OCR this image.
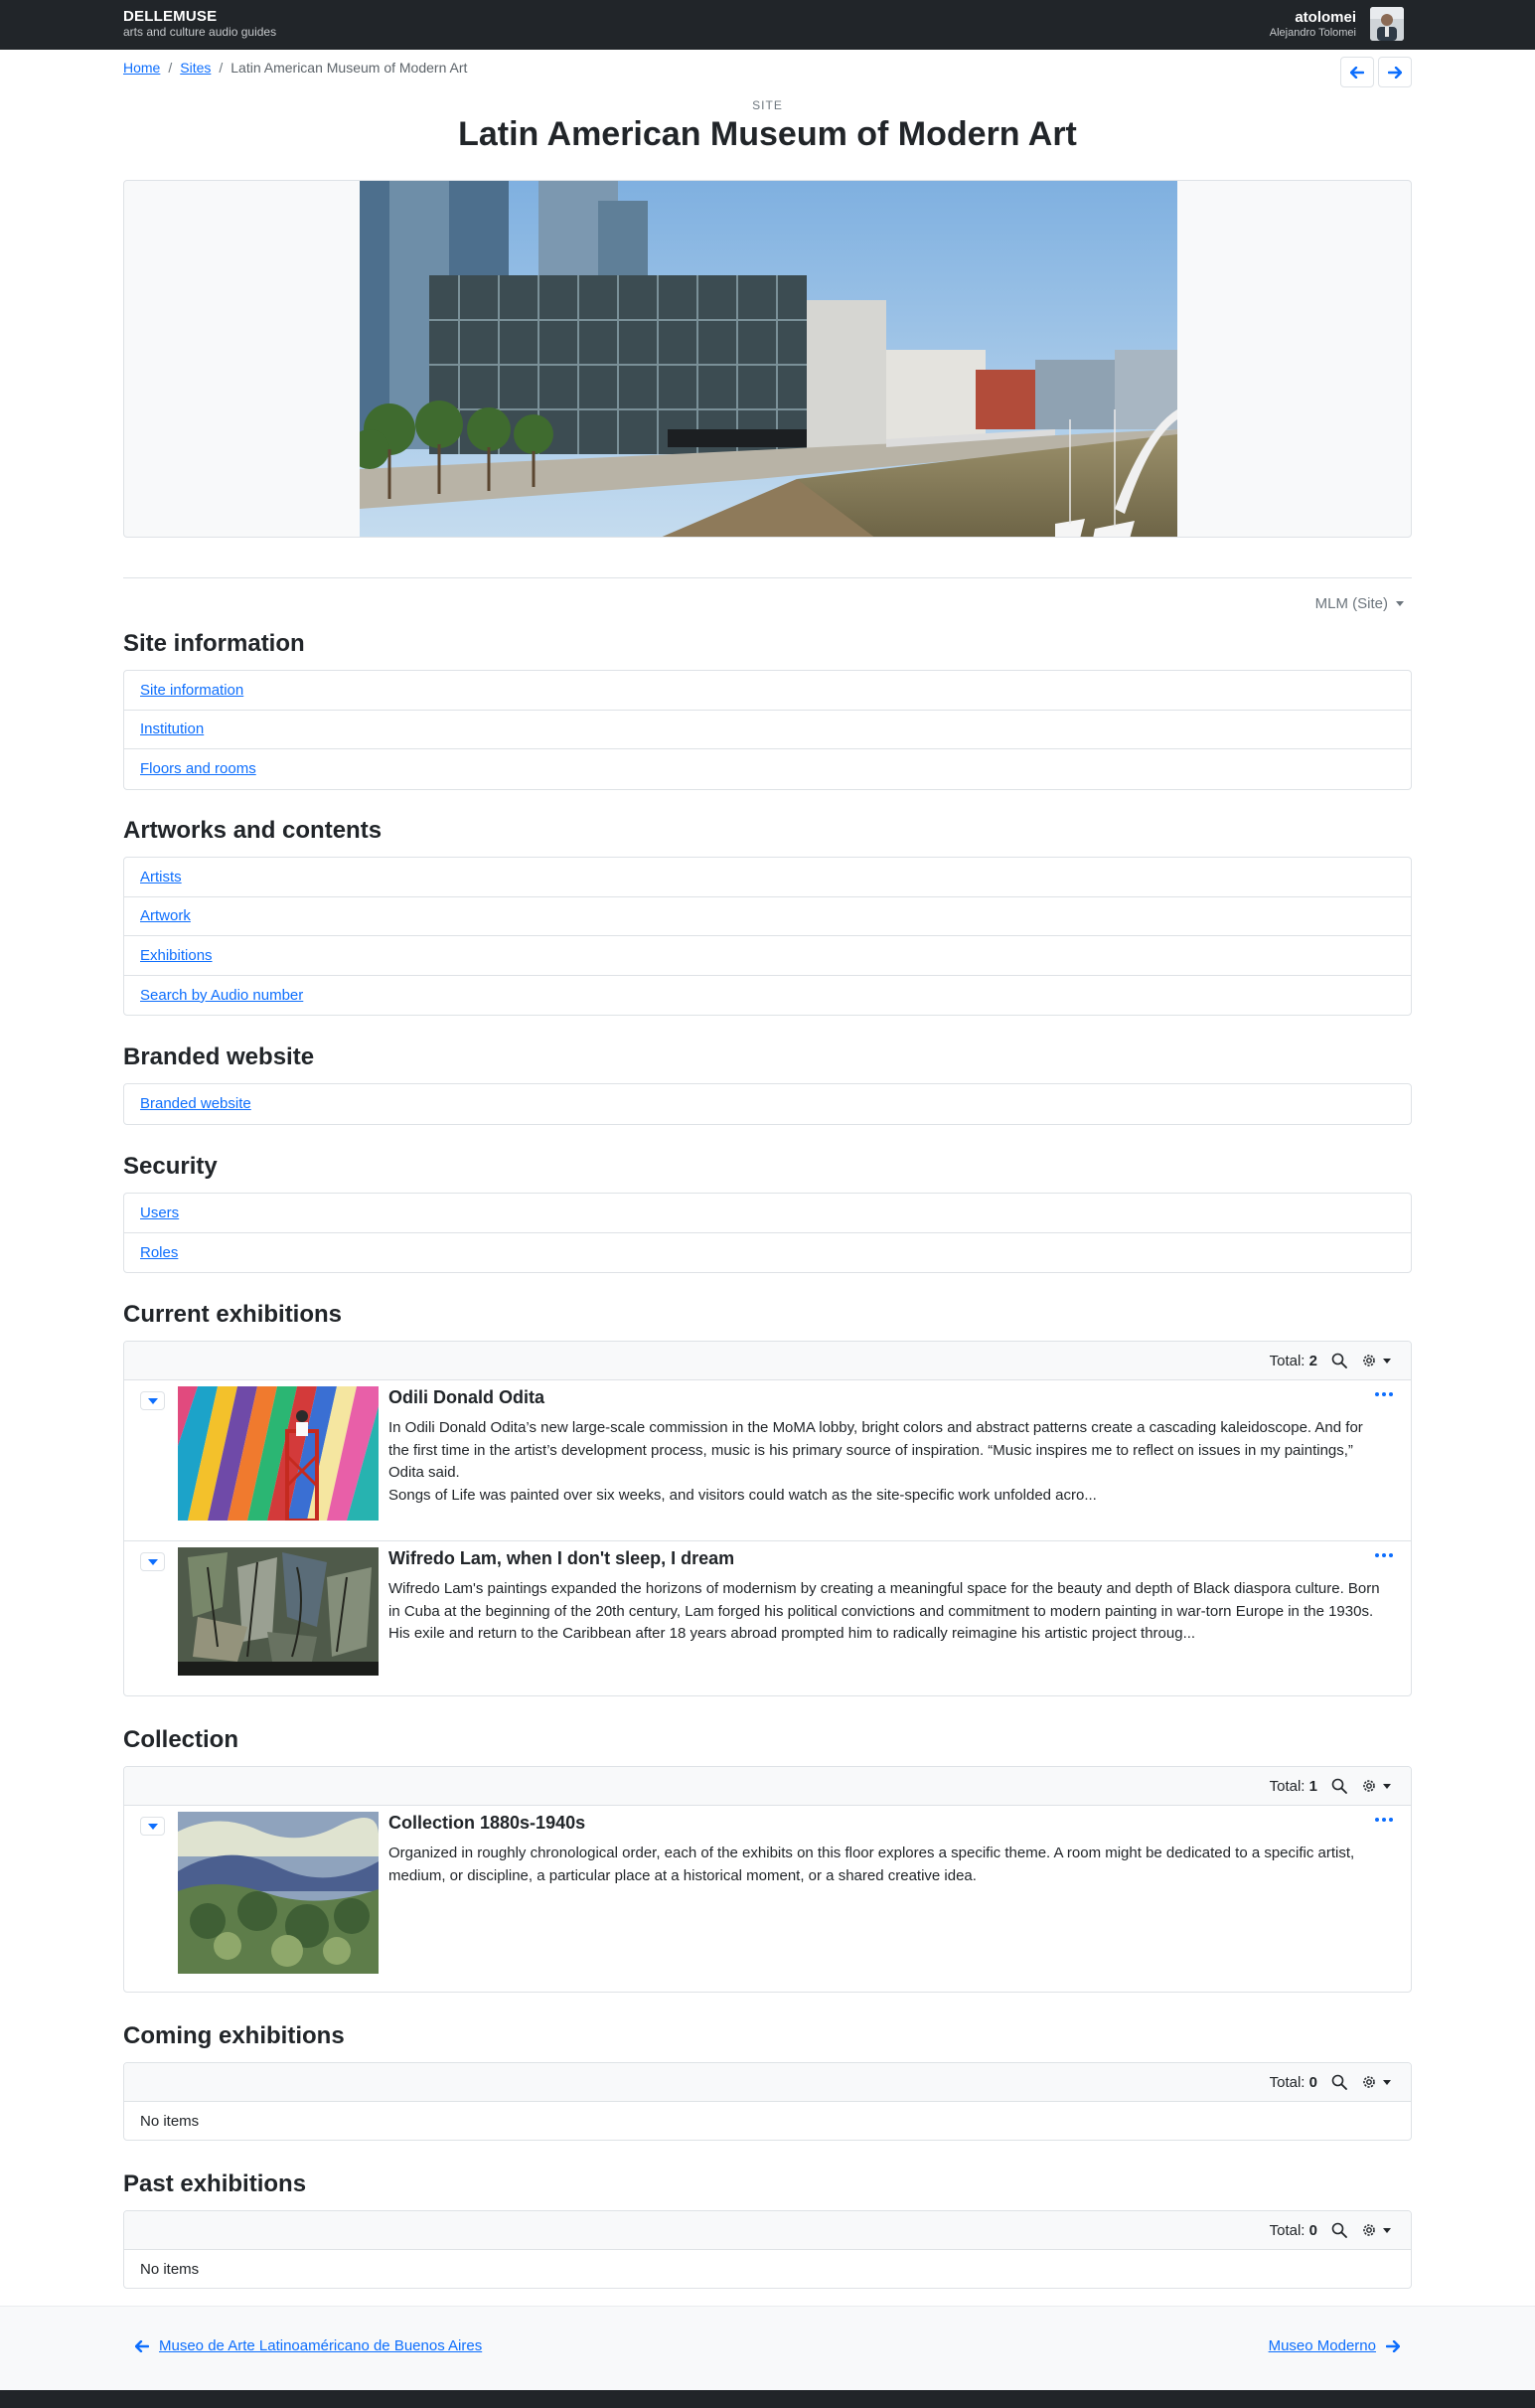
DELLEMUSE
arts and culture audio guides
atolomei
Alejandro Tolomei
Home / Sites / Latin American Museum of Modern Art
SITE
Latin American Museum of Modern Art
MLM (Site)
Site information
Site information
Institution
Floors and rooms
Artworks and contents
Artists
Artwork
Exhibitions
Search by Audio number
Branded website
Branded website
Security
Users
Roles
Current exhibitions
Total: 2
Odili Donald Odita
In Odili Donald Odita’s new large-scale commission in the MoMA lobby, bright colors and abstract patterns create a cascading kaleidoscope. And for the first time in the artist’s development process, music is his primary source of inspiration. “Music inspires me to reflect on issues in my paintings,” Odita said.
Songs of Life was painted over six weeks, and visitors could watch as the site-specific work unfolded acro...
Wifredo Lam, when I don't sleep, I dream
Wifredo Lam's paintings expanded the horizons of modernism by creating a meaningful space for the beauty and depth of Black diaspora culture. Born in Cuba at the beginning of the 20th century, Lam forged his political convictions and commitment to modern painting in war-torn Europe in the 1930s. His exile and return to the Caribbean after 18 years abroad prompted him to radically reimagine his artistic project throug...
Collection
Total: 1
Collection 1880s-1940s
Organized in roughly chronological order, each of the exhibits on this floor explores a specific theme. A room might be dedicated to a specific artist, medium, or discipline, a particular place at a historical moment, or a shared creative idea.
Coming exhibitions
Total: 0
No items
Past exhibitions
Total: 0
No items
Museo de Arte Latinoaméricano de Buenos Aires	Museo Moderno
